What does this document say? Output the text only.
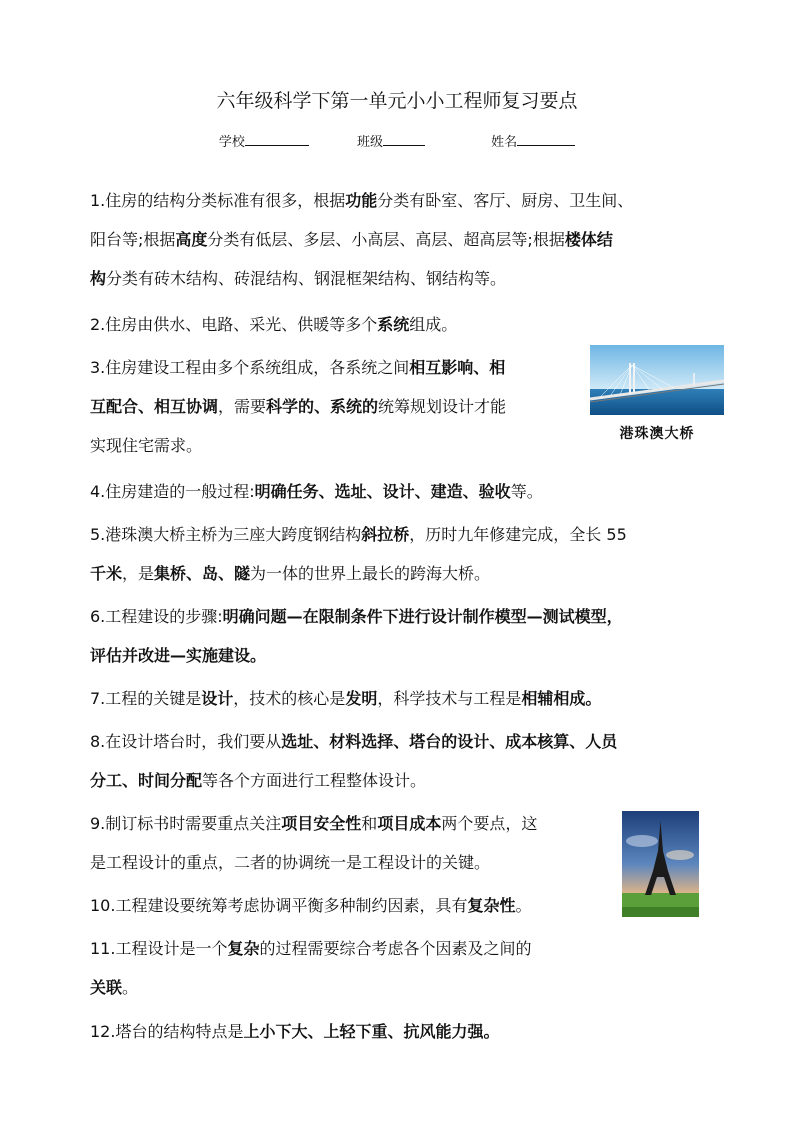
六年级科学下第一单元小小工程师复习要点
学校	班级	姓名
1.住房的结构分类标准有很多，根据功能分类有卧室、客厅、厨房、卫生间、
阳台等;根据高度分类有低层、多层、小高层、高层、超高层等;根据楼体结
构分类有砖木结构、砖混结构、钢混框架结构、钢结构等。
2.住房由供水、电路、采光、供暖等多个系统组成。
3.住房建设工程由多个系统组成，各系统之间相互影响、相
互配合、相互协调，需要科学的、系统的统筹规划设计才能
实现住宅需求。
港珠澳大桥
4.住房建造的一般过程:明确任务、选址、设计、建造、验收等。
5.港珠澳大桥主桥为三座大跨度钢结构斜拉桥，历时九年修建完成，全长 55
千米，是集桥、岛、隧为一体的世界上最长的跨海大桥。
6.工程建设的步骤:明确问题—在限制条件下进行设计制作模型—测试模型，
评估并改进—实施建设。
7.工程的关键是设计，技术的核心是发明，科学技术与工程是相辅相成。
8.在设计塔台时，我们要从选址、材料选择、塔台的设计、成本核算、人员
分工、时间分配等各个方面进行工程整体设计。
9.制订标书时需要重点关注项目安全性和项目成本两个要点，这
是工程设计的重点，二者的协调统一是工程设计的关键。
10.工程建设要统筹考虑协调平衡多种制约因素，具有复杂性。
11.工程设计是一个复杂的过程需要综合考虑各个因素及之间的
关联。
12.塔台的结构特点是上小下大、上轻下重、抗风能力强。
